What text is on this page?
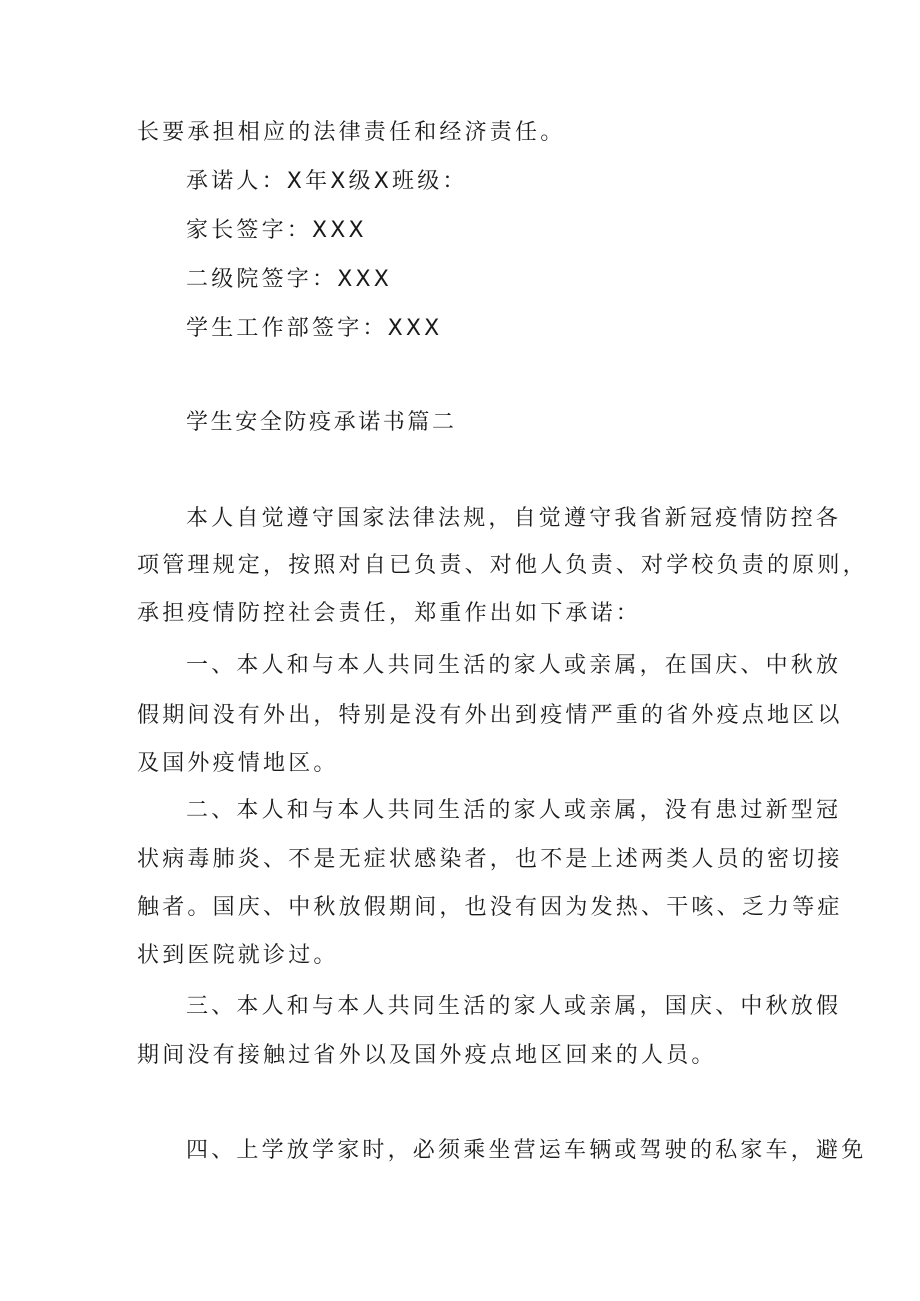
长要承担相应的法律责任和经济责任。
承诺人：X年X级X班级：
家长签字：XXX
二级院签字：XXX
学生工作部签字：XXX
学生安全防疫承诺书篇二
本人自觉遵守国家法律法规，自觉遵守我省新冠疫情防控各
项管理规定，按照对自已负责、对他人负责、对学校负责的原则，
承担疫情防控社会责任，郑重作出如下承诺：
一、本人和与本人共同生活的家人或亲属，在国庆、中秋放
假期间没有外出，特别是没有外出到疫情严重的省外疫点地区以
及国外疫情地区。
二、本人和与本人共同生活的家人或亲属，没有患过新型冠
状病毒肺炎、不是无症状感染者，也不是上述两类人员的密切接
触者。国庆、中秋放假期间，也没有因为发热、干咳、乏力等症
状到医院就诊过。
三、本人和与本人共同生活的家人或亲属，国庆、中秋放假
期间没有接触过省外以及国外疫点地区回来的人员。
四、上学放学家时，必须乘坐营运车辆或驾驶的私家车，避免
